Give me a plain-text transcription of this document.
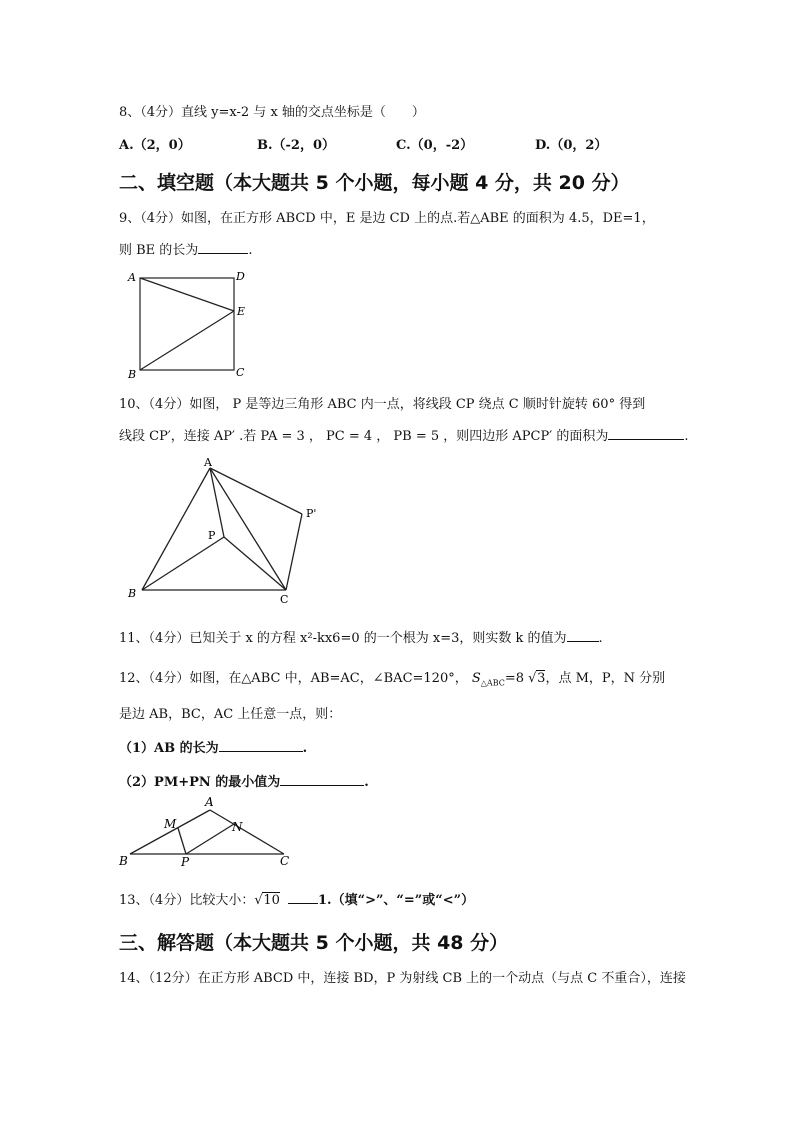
8、（4分）直线 y=x-2 与 x 轴的交点坐标是（　　）
A.（2，0）	B.（-2，0）	C.（0，-2）	D.（0，2）
二、填空题（本大题共 5 个小题，每小题 4 分，共 20 分）
9、（4分）如图，在正方形 ABCD 中，E 是边 CD 上的点.若△ABE 的面积为 4.5，DE=1，
则 BE 的长为	.
A	D
E
B	C
10、（4分）如图， P 是等边三角形 ABC 内一点，将线段 CP 绕点 C 顺时针旋转 60° 得到
线段 CP′，连接 AP′ .若 PA = 3 ， PC = 4 ， PB = 5 ，则四边形 APCP′ 的面积为	.
A
B	C
P
P'
11、（4分）已知关于 x 的方程 x²-kx6=0 的一个根为 x=3，则实数 k 的值为 .
12、（4分）如图，在△ABC 中，AB=AC，∠BAC=120°， $S_{\triangle ABC}=8$ √ 3，点 M，P，N 分别
是边 AB，BC，AC 上任意一点，则：
（1）AB 的长为	.
（2）PM+PN 的最小值为	.
A
B	C
M	N
P
13、（4分）比较大小： √ 10	1.（填“>”、“=”或“<”）
三、解答题（本大题共 5 个小题，共 48 分）
14、（12分）在正方形 ABCD 中，连接 BD，P 为射线 CB 上的一个动点（与点 C 不重合），连接
